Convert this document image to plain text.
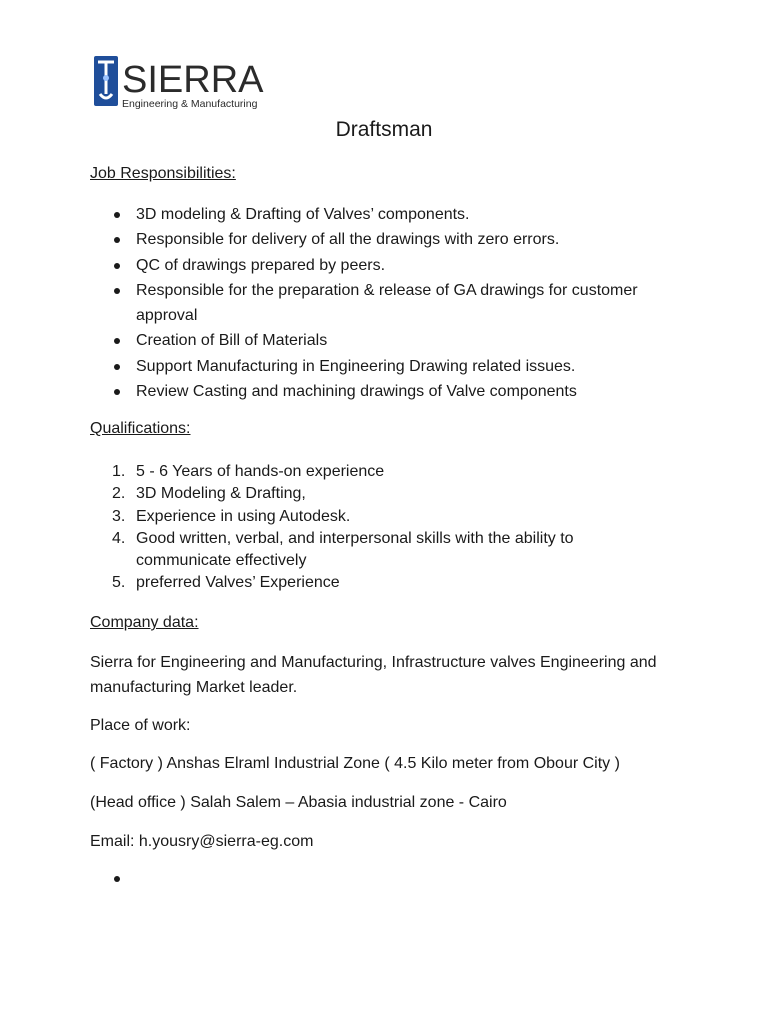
SIERRA
Engineering & Manufacturing
Draftsman
Job Responsibilities:
3D modeling & Drafting of Valves’ components.
Responsible for delivery of all the drawings with zero errors.
QC of drawings prepared by peers.
Responsible for the preparation & release of GA drawings for customer approval
Creation of Bill of Materials
Support Manufacturing in Engineering Drawing related issues.
Review Casting and machining drawings of Valve components
Qualifications:
1. 5 - 6 Years of hands-on experience
2. 3D Modeling & Drafting,
3. Experience in using Autodesk.
4. Good written, verbal, and interpersonal skills with the ability to communicate effectively
5. preferred Valves’ Experience
Company data:
Sierra for Engineering and Manufacturing, Infrastructure valves Engineering and manufacturing Market leader.
Place of work:
( Factory ) Anshas Elraml Industrial Zone ( 4.5 Kilo meter from Obour City )
(Head office ) Salah Salem – Abasia industrial zone - Cairo
Email: h.yousry@sierra-eg.com
